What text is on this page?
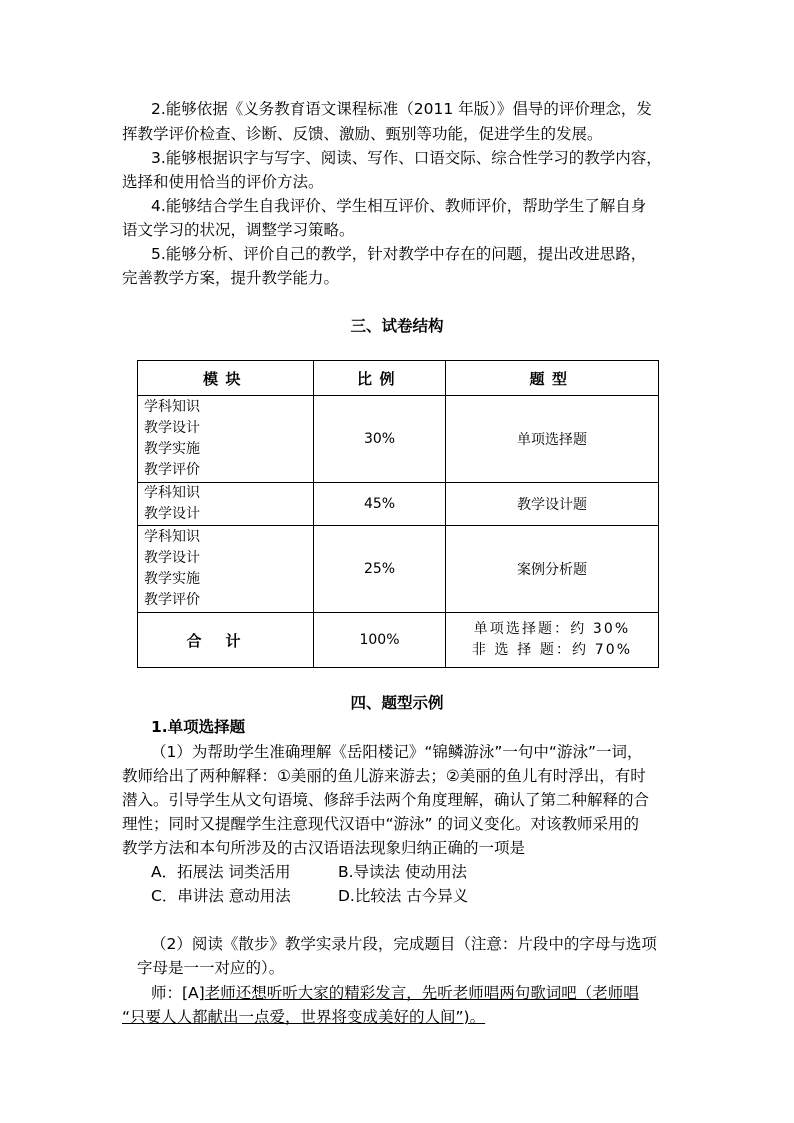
2.能够依据《义务教育语文课程标准（2011 年版）》倡导的评价理念，发
挥教学评价检查、诊断、反馈、激励、甄别等功能，促进学生的发展。
3.能够根据识字与写字、阅读、写作、口语交际、综合性学习的教学内容，
选择和使用恰当的评价方法。
4.能够结合学生自我评价、学生相互评价、教师评价，帮助学生了解自身
语文学习的状况，调整学习策略。
5.能够分析、评价自己的教学，针对教学中存在的问题，提出改进思路，
完善教学方案，提升教学能力。
三、试卷结构
模块	比例	题型

学科知识
教学设计
教学实施
教学评价	30%	单项选择题

学科知识
教学设计	45%	教学设计题

学科知识
教学设计
教学实施
教学评价	25%	案例分析题
合计	100%	单项选择题：约 30%
非 选 择 题：约 70%
四、题型示例
1.单项选择题
（1）为帮助学生准确理解《岳阳楼记》“锦鳞游泳”一句中“游泳”一词，
教师给出了两种解释：①美丽的鱼儿游来游去；②美丽的鱼儿有时浮出，有时
潜入。引导学生从文句语境、修辞手法两个角度理解，确认了第二种解释的合
理性；同时又提醒学生注意现代汉语中“游泳” 的词义变化。对该教师采用的
教学方法和本句所涉及的古汉语语法现象归纳正确的一项是
A．拓展法 词类活用	B.导读法 使动用法
C．串讲法 意动用法	D.比较法 古今异义
（2）阅读《散步》教学实录片段，完成题目（注意：片段中的字母与选项
字母是一一对应的）。
师：[A]老师还想听听大家的精彩发言，先听老师唱两句歌词吧（老师唱
“只要人人都献出一点爱，世界将变成美好的人间”)。
